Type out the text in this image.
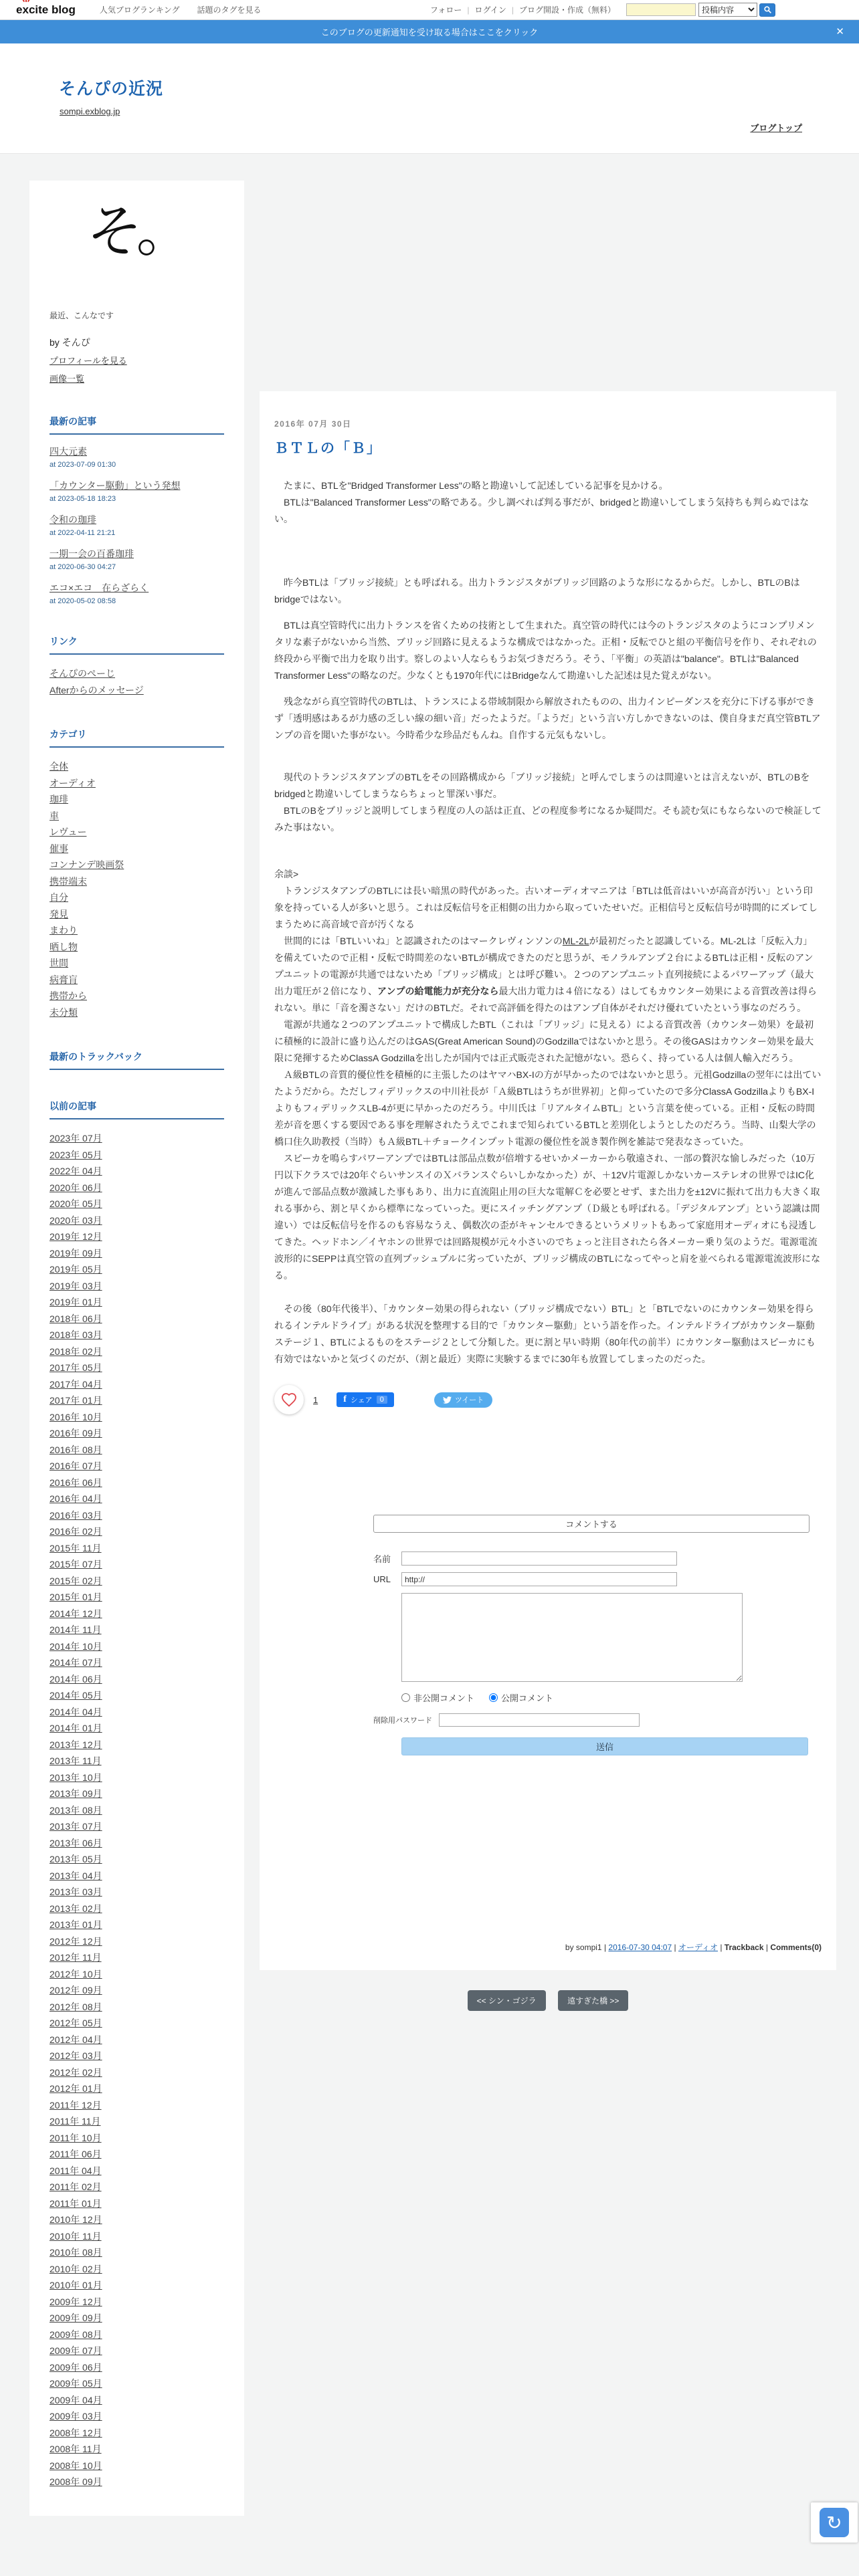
e
xcite blog	人気ブログランキング 話題のタグを見る	フォロー | ログイン | ブログ開設・作成（無料）
投稿内容
このブログの更新通知を受け取る場合はここをクリック	✕
そんぴの近況
sompi.exblog.jp
ブログトップ
そ。
最近、こんなです
by そんぴ
プロフィールを見る
画像一覧
最新の記事
四大元素
at 2023-07-09 01:30
「カウンター駆動」という発想
at 2023-05-18 18:23
令和の珈琲
at 2022-04-11 21:21
一期一会の百番珈琲
at 2020-06-30 04:27
エコ×エコ　在らざらく
at 2020-05-02 08:58
リンク
そんぴのぺーじ
Afterからのメッセージ
カテゴリ
全体
オーディオ
珈琲
車
レヴュー
催事
コンナンデ映画祭
携帯端末
自分
発見
まわり
晒し物
世間
病膏肓
携帯から
未分類
最新のトラックバック
以前の記事
2023年 07月
2023年 05月
2022年 04月
2020年 06月
2020年 05月
2020年 03月
2019年 12月
2019年 09月
2019年 05月
2019年 03月
2019年 01月
2018年 06月
2018年 03月
2018年 02月
2017年 05月
2017年 04月
2017年 01月
2016年 10月
2016年 09月
2016年 08月
2016年 07月
2016年 06月
2016年 04月
2016年 03月
2016年 02月
2015年 11月
2015年 07月
2015年 02月
2015年 01月
2014年 12月
2014年 11月
2014年 10月
2014年 07月
2014年 06月
2014年 05月
2014年 04月
2014年 01月
2013年 12月
2013年 11月
2013年 10月
2013年 09月
2013年 08月
2013年 07月
2013年 06月
2013年 05月
2013年 04月
2013年 03月
2013年 02月
2013年 01月
2012年 12月
2012年 11月
2012年 10月
2012年 09月
2012年 08月
2012年 05月
2012年 04月
2012年 03月
2012年 02月
2012年 01月
2011年 12月
2011年 11月
2011年 10月
2011年 06月
2011年 04月
2011年 02月
2011年 01月
2010年 12月
2010年 11月
2010年 08月
2010年 02月
2010年 01月
2009年 12月
2009年 09月
2009年 08月
2009年 07月
2009年 06月
2009年 05月
2009年 04月
2009年 03月
2008年 12月
2008年 11月
2008年 10月
2008年 09月
2016年 07月 30日
ＢＴＬの「Ｂ」
　たまに、BTLを"Bridged Transformer Less"の略と勘違いして記述している記事を見かける。
　BTLは"Balanced Transformer Less"の略である。少し調べれば判る事だが、bridgedと勘違いしてしまう気持ちも判らぬではない。
　昨今BTLは「ブリッジ接続」とも呼ばれる。出力トランジスタがブリッジ回路のような形になるからだ。しかし、BTLのBはbridgeではない。
　BTLは真空管時代に出力トランスを省くための技術として生まれた。真空管の時代には今のトランジスタのようにコンプリメンタリな素子がないから当然、ブリッジ回路に見えるような構成ではなかった。正相・反転でひと組の平衡信号を作り、それぞれの終段から平衡で出力を取り出す。察しのよい人ならもうお気づきだろう。そう、「平衡」の英語は"balance"。BTLは"Balanced Transformer Less"の略なのだ。少なくとも1970年代にはBridgeなんて勘違いした記述は見た覚えがない。
　残念ながら真空管時代のBTLは、トランスによる帯域制限から解放されたものの、出力インピーダンスを充分に下げる事ができず「透明感はあるが力感の乏しい線の細い音」だったようだ。「ようだ」という言い方しかできないのは、僕自身まだ真空管BTLアンプの音を聞いた事がない。今時希少な珍品だもんね。自作する元気もないし。
　現代のトランジスタアンプのBTLをその回路構成から「ブリッジ接続」と呼んでしまうのは間違いとは言えないが、BTLのBをbridgedと勘違いしてしまうならちょっと罪深い事だ。
　BTLのBをブリッジと説明してしまう程度の人の話は正直、どの程度参考になるか疑問だ。そも読む気にもならないので検証してみた事はない。
余談>
　トランジスタアンプのBTLには長い暗黒の時代があった。古いオーディオマニアは「BTLは低音はいいが高音が汚い」という印象を持っている人が多いと思う。これは反転信号を正相側の出力から取っていたせいだ。正相信号と反転信号が時間的にズレてしまうために高音域で音が汚くなる
　世間的には「BTLいいね」と認識されたのはマークレヴィンソンのML-2Lが最初だったと認識している。ML-2Lは「反転入力」を備えていたので正相・反転で時間差のないBTLが構成できたのだと思うが、モノラルアンプ２台によるBTLは正相・反転のアンプユニットの電源が共通ではないため「ブリッジ構成」とは呼び難い。２つのアンプユニット直列接続によるパワーアップ（最大出力電圧が２倍になり、アンプの給電能力が充分なら最大出力電力は４倍になる）はしてもカウンター効果による音質改善は得られない。単に「音を濁さない」だけのBTLだ。それで高評価を得たのはアンプ自体がそれだけ優れていたという事なのだろう。
　電源が共通な２つのアンプユニットで構成したBTL（これは「ブリッジ」に見える）による音質改善（カウンター効果）を最初に積極的に設計に盛り込んだのはGAS(Great American Sound)のGodzillaではないかと思う。その後GASはカウンター効果を最大限に発揮するためClassA Godzillaを出したが国内では正式販売された記憶がない。恐らく、持っている人は個人輸入だろう。
　Ａ級BTLの音質的優位性を積極的に主張したのはヤマハBX-Iの方が早かったのではないかと思う。元祖Godzillaの翌年には出ていたようだから。ただしフィデリックスの中川社長が「Ａ級BTLはうちが世界初」と仰っていたので多分ClassA GodzillaよりもBX-IよりもフィデリックスLB-4が更に早かったのだろう。中川氏は「リアルタイムBTL」という言葉を使っている。正相・反転の時間差が音を悪くする要因である事を理解されたうえでこれまで知られているBTLと差別化しようとしたのだろう。当時、山梨大学の橋口住久助教授（当時）もＡ級BTL＋チョークインプット電源の優位性を説き製作例を雑誌で発表なさっていた。
　スピーカを鳴らすパワーアンプではBTLは部品点数が倍増するせいかメーカーから敬遠され、一部の贅沢な愉しみだった（10万円以下クラスでは20年ぐらいサンスイのＸバランスぐらいしかなかった）が、＋12V片電源しかないカーステレオの世界ではIC化が進んで部品点数が激減した事もあり、出力に直流阻止用の巨大な電解Ｃを必要とせず、また出力を±12Vに振れて出力も大きく取れる事から、割と早くから標準になっていった。更にスイッチングアンプ（Ｄ級とも呼ばれる。「デジタルアンプ」という認識は間違い）では反転信号を作るのも容易なうえ、偶数次の歪がキャンセルできるというメリットもあって家庭用オーディオにも浸透してきた。ヘッドホン／イヤホンの世界では回路規模が元々小さいのでちょっと注目されたら各メーカー乗り気のようだ。電源電流波形的にSEPPは真空管の直列プッシュプルに劣っていたが、ブリッジ構成のBTLになってやっと肩を並べられる電源電流波形になる。
　その後（80年代後半）、「カウンター効果の得られない（ブリッジ構成でない）BTL」と「BTLでないのにカウンター効果を得られるインテルドライブ」がある状況を整理する目的で「カウンター駆動」という語を作った。インテルドライブがカウンター駆動ステージ１、BTLによるものをステージ２として分類した。更に割と早い時期（80年代の前半）にカウンター駆動はスピーカにも有効ではないかと気づくのだが、（割と最近）実際に実験するまでに30年も放置してしまったのだった。
1	f シェア	0	ツイート
コメントする
名前
URL
http://
非公開コメント	公開コメント
削除用パスワード
送信
by sompi1 | 2016-07-30 04:07 | オーディオ | Trackback | Comments(0)
<< シン・ゴジラ	遠すぎた橋 >>
↻
